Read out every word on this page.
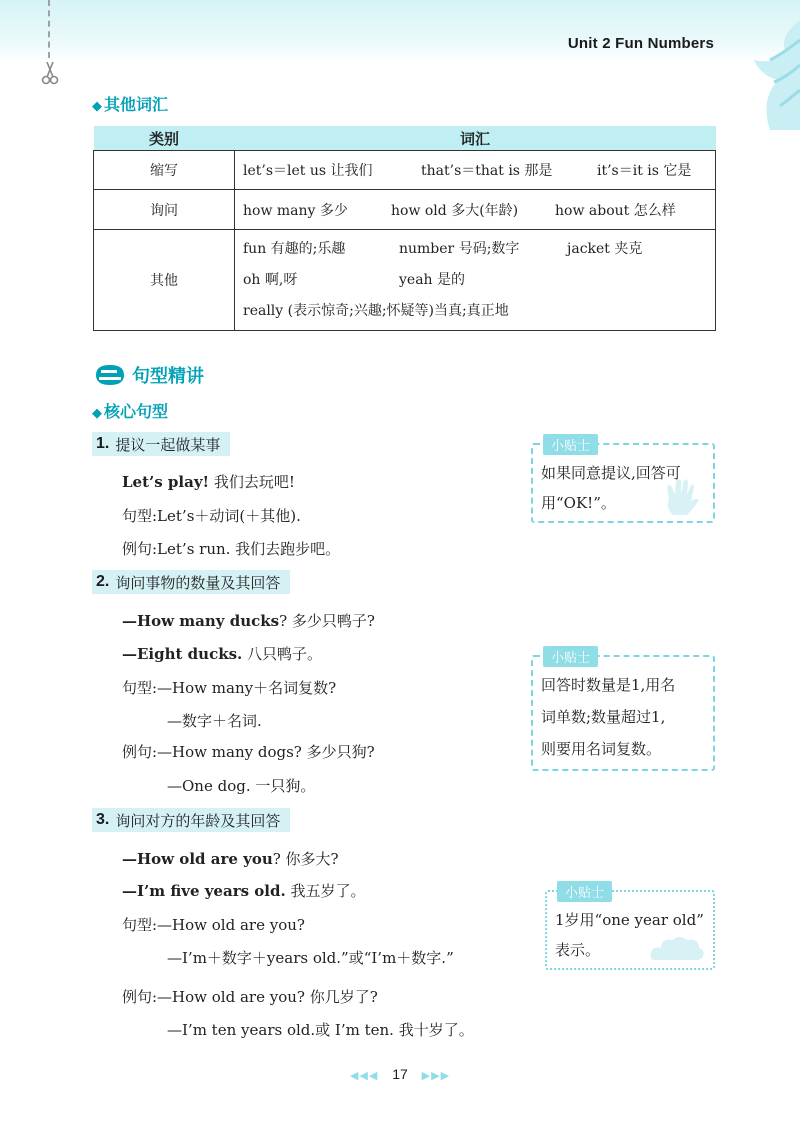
Unit 2 Fun Numbers
◆ 其他词汇
类别	词汇
缩写	let’s＝let us 让我们 that’s＝that is 那是 it’s＝it is 它是
询问	how many 多少 how old 多大(年龄) how about 怎么样
其他	fun 有趣的;乐趣 number 号码;数字 jacket 夹克
oh 啊,呀 yeah 是的
really (表示惊奇;兴趣;怀疑等)当真;真正地
句型精讲
◆ 核心句型
1. 提议一起做某事
Let’s play! 我们去玩吧!
句型:Let’s＋动词(＋其他).
例句:Let’s run. 我们去跑步吧。
小贴士
如果同意提议,回答可
用“OK!”。
2. 询问事物的数量及其回答
—How many ducks? 多少只鸭子?
—Eight ducks. 八只鸭子。
句型:—How many＋名词复数?
—数字＋名词.
例句:—How many dogs? 多少只狗?
—One dog. 一只狗。
小贴士
回答时数量是1,用名
词单数;数量超过1,
则要用名词复数。
3. 询问对方的年龄及其回答
—How old are you? 你多大?
—I’m five years old. 我五岁了。
句型:—How old are you?
—I’m＋数字＋years old.”或“I’m＋数字.”
例句:—How old are you? 你几岁了?
—I’m ten years old.或 I’m ten. 我十岁了。
小贴士
1岁用“one year old”
表示。
◀◀◀ 17 ▶▶▶
